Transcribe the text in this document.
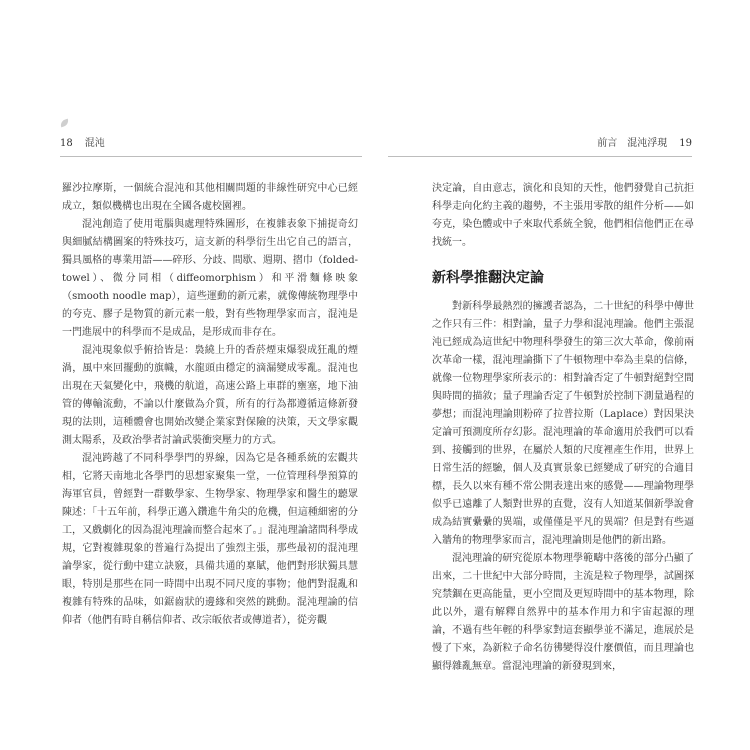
18 混沌	前言　混沌浮現 19

羅沙拉摩斯，一個統合混沌和其他相關問題的非線性研究中心已經成立，類似機構也出現在全國各處校園裡。

混沌創造了使用電腦與處理特殊圖形，在複雜表象下捕捉奇幻與細膩結構圖案的特殊技巧，這支新的科學衍生出它自己的語言，獨具風格的專業用語——碎形、分歧、間歇、週期、摺巾（folded-towel）、微分同相（diffeomorphism）和平滑麵條映象（smooth noodle map），這些運動的新元素，就像傳統物理學中的夸克、膠子是物質的新元素一般，對有些物理學家而言，混沌是一門進展中的科學而不是成品，是形成而非存在。

混沌現象似乎俯拾皆是：裊繞上升的香菸煙束爆裂成狂亂的煙渦，風中來回擺動的旗幟，水龍頭由穩定的滴漏變成零亂。混沌也出現在天氣變化中，飛機的航道，高速公路上車群的壅塞，地下油管的傳輸流動，不論以什麼做為介質，所有的行為都遵循這條新發現的法則，這種體會也開始改變企業家對保險的決策，天文學家觀測太陽系，及政治學者討論武裝衝突壓力的方式。

混沌跨越了不同科學學門的界線，因為它是各種系統的宏觀共相，它將天南地北各學門的思想家聚集一堂，一位管理科學預算的海軍官員，曾經對一群數學家、生物學家、物理學家和醫生的聽眾陳述：「十五年前，科學正邁入鑽進牛角尖的危機，但這種細密的分工，又戲劇化的因為混沌理論而整合起來了。」混沌理論諸問科學成規，它對複雜現象的普遍行為提出了強烈主張，那些最初的混沌理論學家，從行動中建立訣竅，具備共通的稟賦，他們對形狀獨具慧眼，特別是那些在同一時間中出現不同尺度的事物；他們對混亂和複雜有特殊的品味，如鋸齒狀的邊緣和突然的跳動。混沌理論的信仰者（他們有時自稱信仰者、改宗皈依者或傳道者），從旁觀

決定論，自由意志，演化和良知的天性，他們發覺自己抗拒科學走向化約主義的趨勢，不主張用零散的組件分析——如夸克，染色體或中子來取代系統全貌，他們相信他們正在尋找統一。

新科學推翻決定論

對新科學最熱烈的擁護者認為，二十世紀的科學中傳世之作只有三件：相對論，量子力學和混沌理論。他們主張混沌已經成為這世紀中物理科學發生的第三次大革命，像前兩次革命一樣，混沌理論撕下了牛頓物理中奉為圭臬的信條，就像一位物理學家所表示的：相對論否定了牛頓對絕對空間與時間的描敘；量子理論否定了牛頓對於控制下測量過程的夢想；而混沌理論則粉碎了拉普拉斯（Laplace）對因果決定論可預測度所存幻影。混沌理論的革命適用於我們可以看到、接觸到的世界，在屬於人類的尺度裡產生作用，世界上日常生活的經驗，個人及真實景象已經變成了研究的合適目標，長久以來有種不常公開表達出來的感覺——理論物理學似乎已遠離了人類對世界的直覺，沒有人知道某個新學說會成為結實纍纍的異端，或僅僅是平凡的異端？但是對有些逼入牆角的物理學家而言，混沌理論則是他們的新出路。

混沌理論的研究從原本物理學範疇中落後的部分凸顯了出來，二十世紀中大部分時間，主流是粒子物理學，試圖探究禁錮在更高能量，更小空間及更短時間中的基本物理，除此以外，還有解釋自然界中的基本作用力和宇宙起源的理論，不過有些年輕的科學家對這套顯學並不滿足，進展於是慢了下來，為新粒子命名彷彿變得沒什麼價值，而且理論也顯得雜亂無章。當混沌理論的新發現到來，
